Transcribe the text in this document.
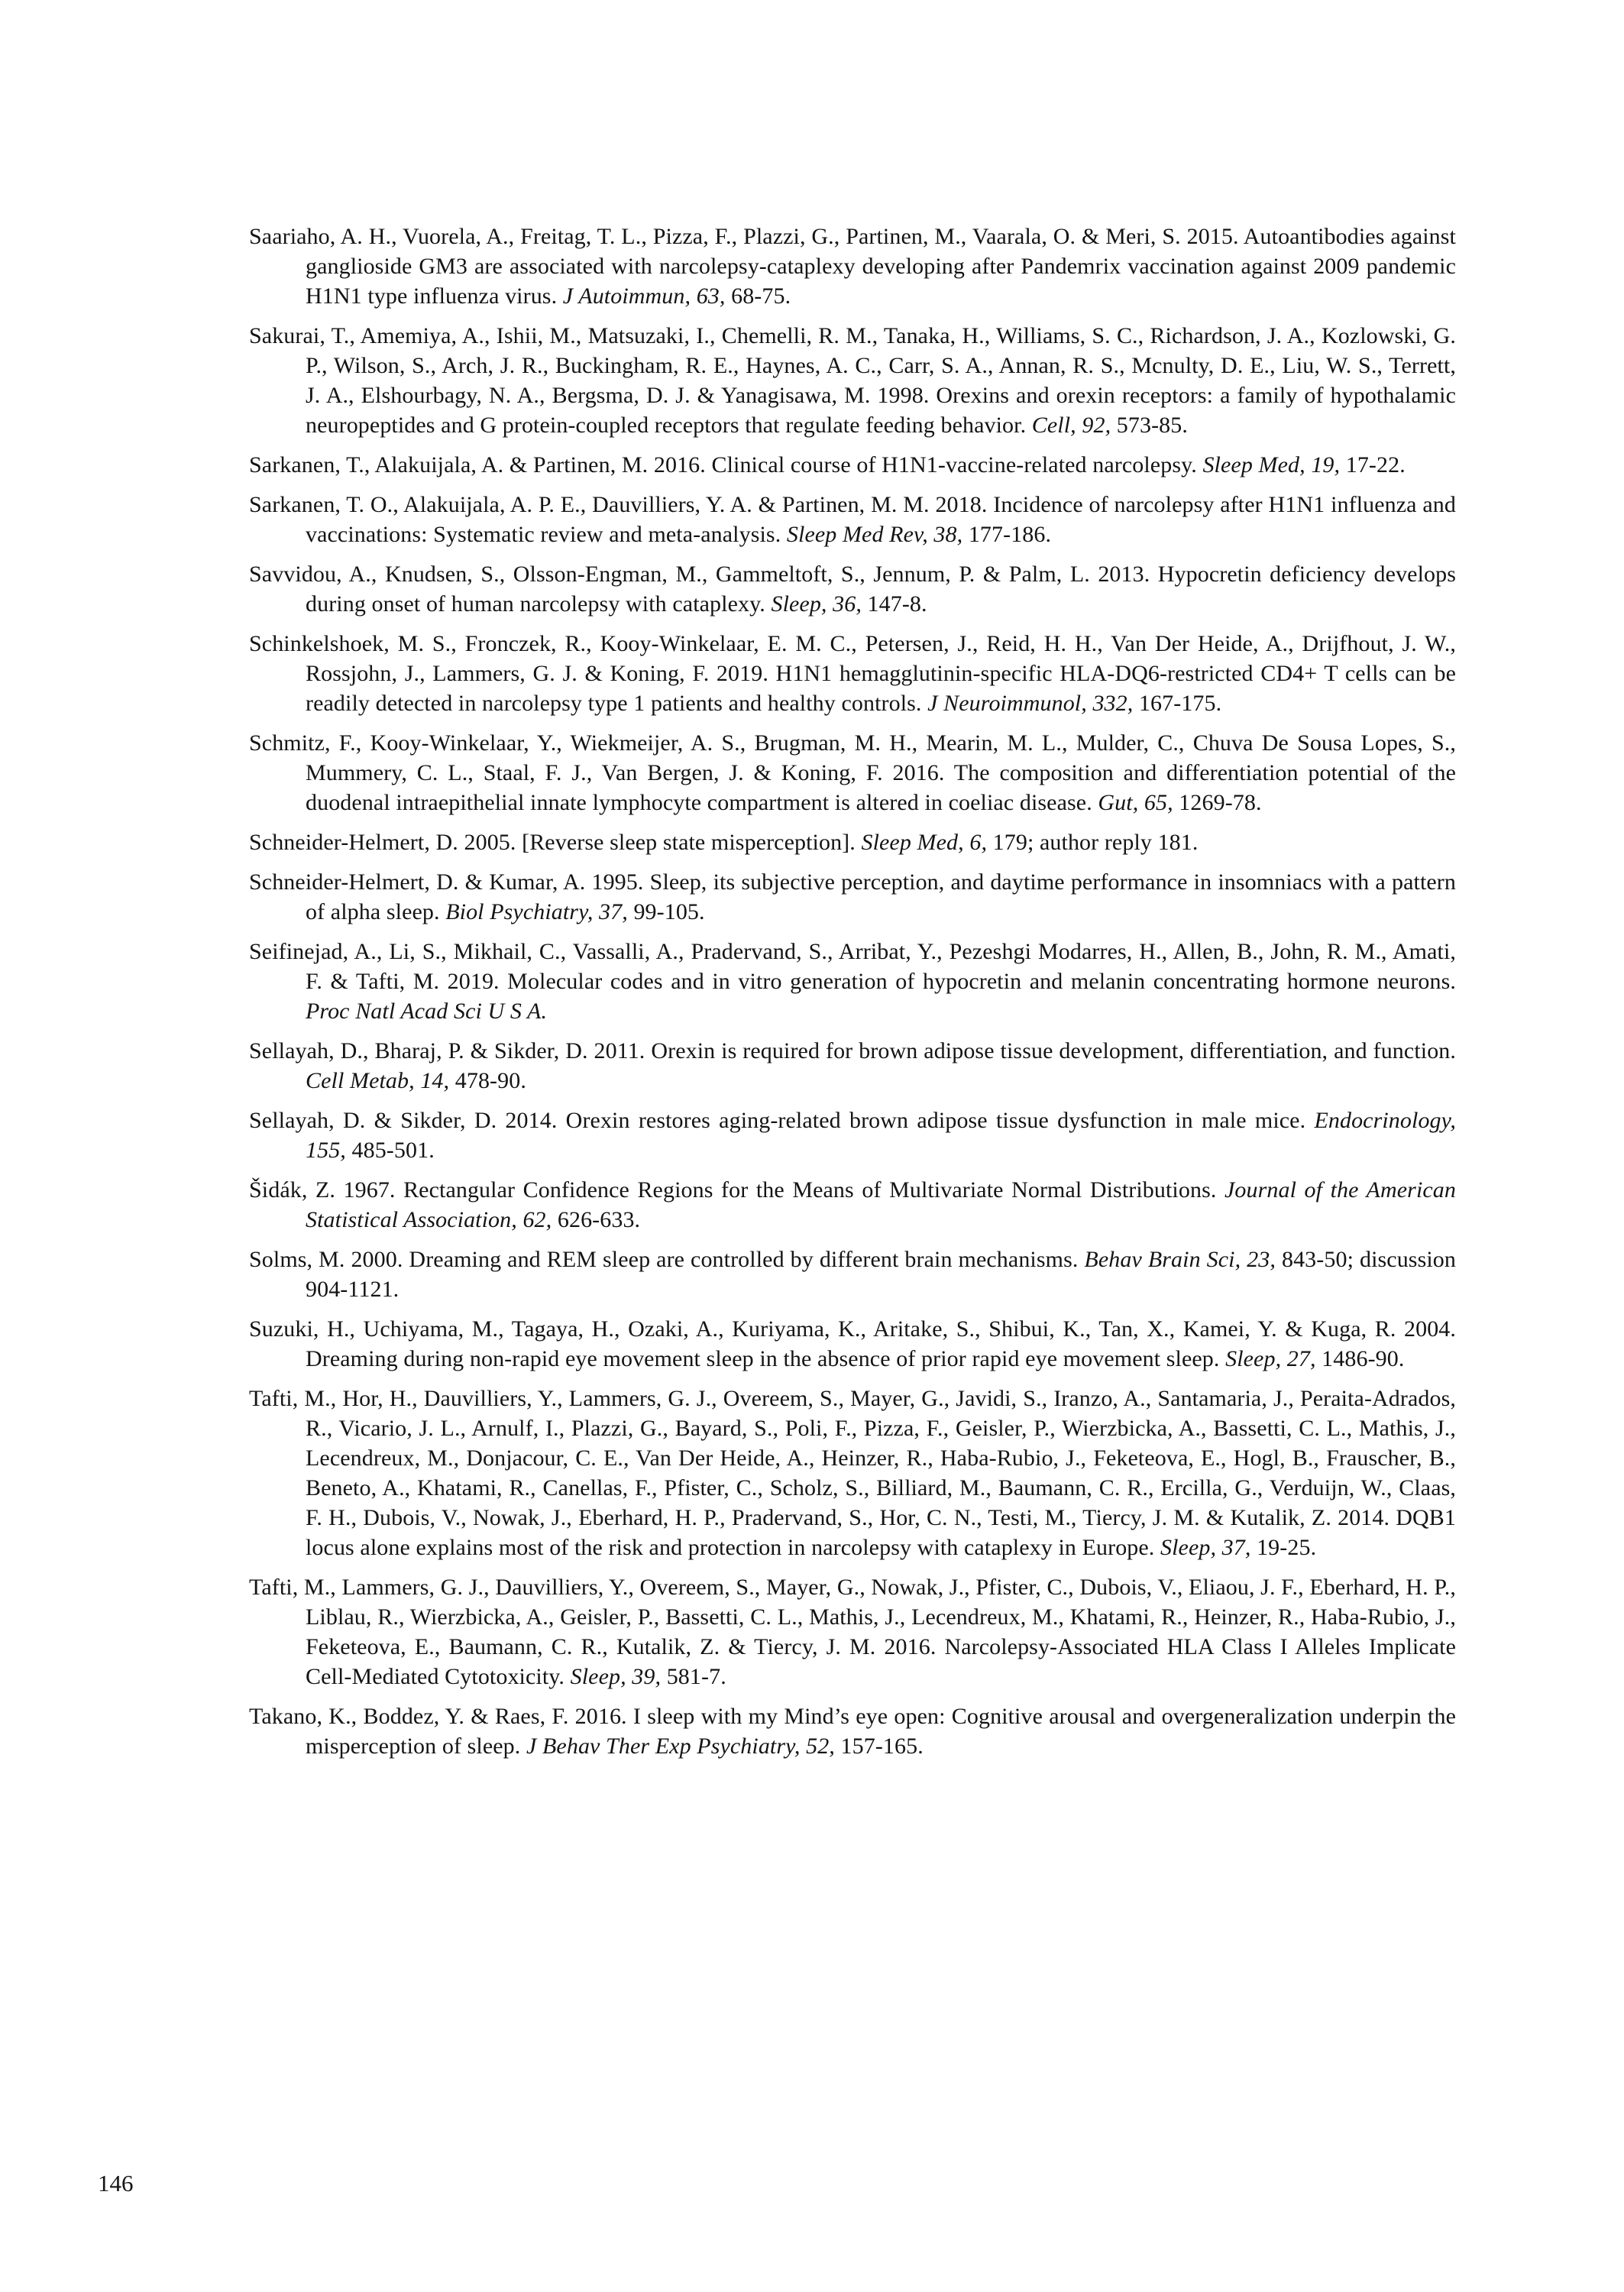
Saariaho, A. H., Vuorela, A., Freitag, T. L., Pizza, F., Plazzi, G., Partinen, M., Vaarala, O. & Meri, S. 2015. Autoantibodies against ganglioside GM3 are associated with narcolepsy-cataplexy developing after Pandemrix vaccination against 2009 pandemic H1N1 type influenza virus. J Autoimmun, 63, 68-75.

Sakurai, T., Amemiya, A., Ishii, M., Matsuzaki, I., Chemelli, R. M., Tanaka, H., Williams, S. C., Richardson, J. A., Kozlowski, G. P., Wilson, S., Arch, J. R., Buckingham, R. E., Haynes, A. C., Carr, S. A., Annan, R. S., Mcnulty, D. E., Liu, W. S., Terrett, J. A., Elshourbagy, N. A., Bergsma, D. J. & Yanagisawa, M. 1998. Orexins and orexin receptors: a family of hypothalamic neuropeptides and G protein-coupled receptors that regulate feeding behavior. Cell, 92, 573-85.

Sarkanen, T., Alakuijala, A. & Partinen, M. 2016. Clinical course of H1N1-vaccine-related narcolepsy. Sleep Med, 19, 17-22.

Sarkanen, T. O., Alakuijala, A. P. E., Dauvilliers, Y. A. & Partinen, M. M. 2018. Incidence of narcolepsy after H1N1 influenza and vaccinations: Systematic review and meta-analysis. Sleep Med Rev, 38, 177-186.

Savvidou, A., Knudsen, S., Olsson-Engman, M., Gammeltoft, S., Jennum, P. & Palm, L. 2013. Hypocretin deficiency develops during onset of human narcolepsy with cataplexy. Sleep, 36, 147-8.

Schinkelshoek, M. S., Fronczek, R., Kooy-Winkelaar, E. M. C., Petersen, J., Reid, H. H., Van Der Heide, A., Drijfhout, J. W., Rossjohn, J., Lammers, G. J. & Koning, F. 2019. H1N1 hemagglutinin-specific HLA-DQ6-restricted CD4+ T cells can be readily detected in narcolepsy type 1 patients and healthy controls. J Neuroimmunol, 332, 167-175.

Schmitz, F., Kooy-Winkelaar, Y., Wiekmeijer, A. S., Brugman, M. H., Mearin, M. L., Mulder, C., Chuva De Sousa Lopes, S., Mummery, C. L., Staal, F. J., Van Bergen, J. & Koning, F. 2016. The composition and differentiation potential of the duodenal intraepithelial innate lymphocyte compartment is altered in coeliac disease. Gut, 65, 1269-78.

Schneider-Helmert, D. 2005. [Reverse sleep state misperception]. Sleep Med, 6, 179; author reply 181.

Schneider-Helmert, D. & Kumar, A. 1995. Sleep, its subjective perception, and daytime performance in insomniacs with a pattern of alpha sleep. Biol Psychiatry, 37, 99-105.

Seifinejad, A., Li, S., Mikhail, C., Vassalli, A., Pradervand, S., Arribat, Y., Pezeshgi Modarres, H., Allen, B., John, R. M., Amati, F. & Tafti, M. 2019. Molecular codes and in vitro generation of hypocretin and melanin concentrating hormone neurons. Proc Natl Acad Sci U S A.

Sellayah, D., Bharaj, P. & Sikder, D. 2011. Orexin is required for brown adipose tissue development, differentiation, and function. Cell Metab, 14, 478-90.

Sellayah, D. & Sikder, D. 2014. Orexin restores aging-related brown adipose tissue dysfunction in male mice. Endocrinology, 155, 485-501.

Šidák, Z. 1967. Rectangular Confidence Regions for the Means of Multivariate Normal Distributions. Journal of the American Statistical Association, 62, 626-633.

Solms, M. 2000. Dreaming and REM sleep are controlled by different brain mechanisms. Behav Brain Sci, 23, 843-50; discussion 904-1121.

Suzuki, H., Uchiyama, M., Tagaya, H., Ozaki, A., Kuriyama, K., Aritake, S., Shibui, K., Tan, X., Kamei, Y. & Kuga, R. 2004. Dreaming during non-rapid eye movement sleep in the absence of prior rapid eye movement sleep. Sleep, 27, 1486-90.

Tafti, M., Hor, H., Dauvilliers, Y., Lammers, G. J., Overeem, S., Mayer, G., Javidi, S., Iranzo, A., Santamaria, J., Peraita-Adrados, R., Vicario, J. L., Arnulf, I., Plazzi, G., Bayard, S., Poli, F., Pizza, F., Geisler, P., Wierzbicka, A., Bassetti, C. L., Mathis, J., Lecendreux, M., Donjacour, C. E., Van Der Heide, A., Heinzer, R., Haba-Rubio, J., Feketeova, E., Hogl, B., Frauscher, B., Beneto, A., Khatami, R., Canellas, F., Pfister, C., Scholz, S., Billiard, M., Baumann, C. R., Ercilla, G., Verduijn, W., Claas, F. H., Dubois, V., Nowak, J., Eberhard, H. P., Pradervand, S., Hor, C. N., Testi, M., Tiercy, J. M. & Kutalik, Z. 2014. DQB1 locus alone explains most of the risk and protection in narcolepsy with cataplexy in Europe. Sleep, 37, 19-25.

Tafti, M., Lammers, G. J., Dauvilliers, Y., Overeem, S., Mayer, G., Nowak, J., Pfister, C., Dubois, V., Eliaou, J. F., Eberhard, H. P., Liblau, R., Wierzbicka, A., Geisler, P., Bassetti, C. L., Mathis, J., Lecendreux, M., Khatami, R., Heinzer, R., Haba-Rubio, J., Feketeova, E., Baumann, C. R., Kutalik, Z. & Tiercy, J. M. 2016. Narcolepsy-Associated HLA Class I Alleles Implicate Cell-Mediated Cytotoxicity. Sleep, 39, 581-7.

Takano, K., Boddez, Y. & Raes, F. 2016. I sleep with my Mind’s eye open: Cognitive arousal and overgeneralization underpin the misperception of sleep. J Behav Ther Exp Psychiatry, 52, 157-165.

146
